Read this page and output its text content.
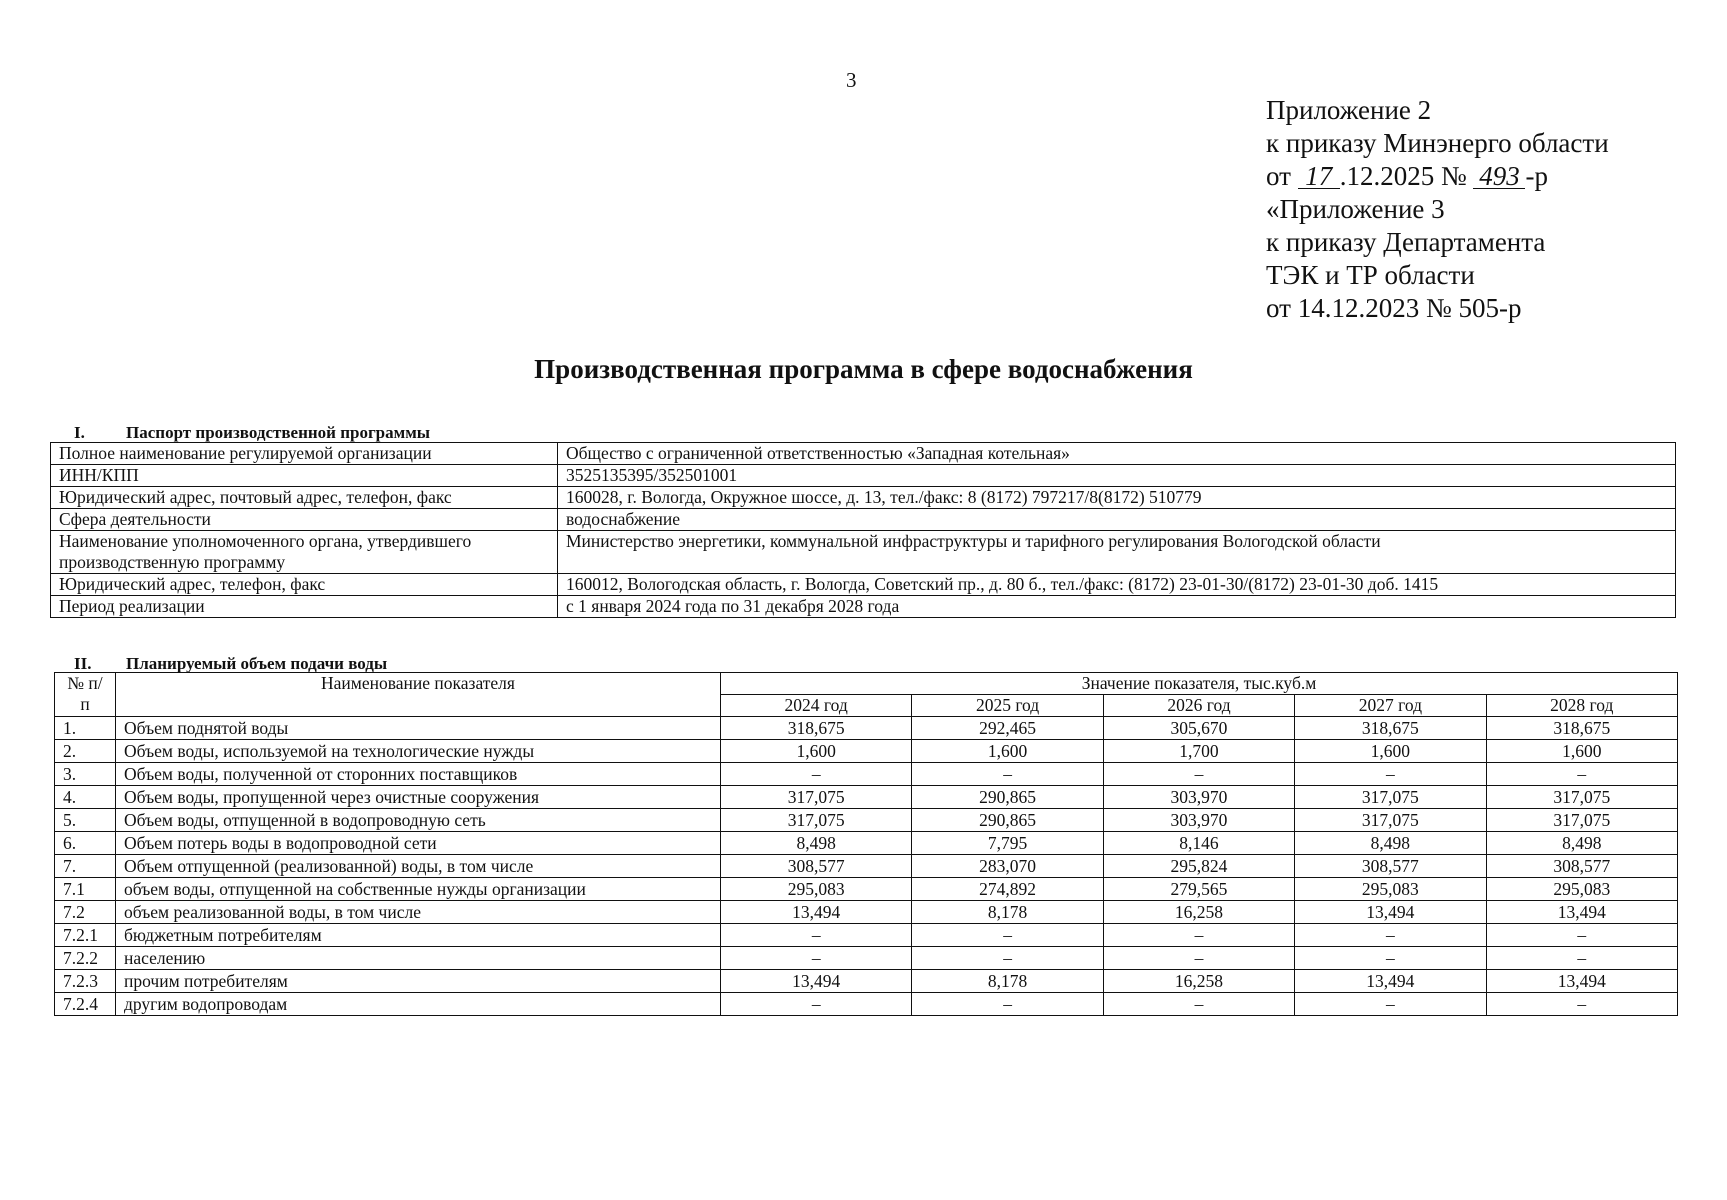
3
Приложение 2
к приказу Минэнерго области
от 17 .12.2025 № 493 -р
«Приложение 3
к приказу Департамента
ТЭК и ТР области
от 14.12.2023 № 505-р
Производственная программа в сфере водоснабжения
I. Паспорт производственной программы
Полное наименование регулируемой организации	Общество с ограниченной ответственностью «Западная котельная»
ИНН/КПП	3525135395/352501001
Юридический адрес, почтовый адрес, телефон, факс	160028, г. Вологда, Окружное шоссе, д. 13, тел./факс: 8 (8172) 797217/8(8172) 510779
Сфера деятельности	водоснабжение
Наименование уполномоченного органа, утвердившего производственную программу	Министерство энергетики, коммунальной инфраструктуры и тарифного регулирования Вологодской области
Юридический адрес, телефон, факс	160012, Вологодская область, г. Вологда, Советский пр., д. 80 б., тел./факс: (8172) 23-01-30/(8172) 23-01-30 доб. 1415
Период реализации	с 1 января 2024 года по 31 декабря 2028 года
II. Планируемый объем подачи воды
№ п/п	Наименование показателя	Значение показателя, тыс.куб.м				
		2024 год	2025 год	2026 год	2027 год	2028 год
1.	Объем поднятой воды	318,675	292,465	305,670	318,675	318,675
2.	Объем воды, используемой на технологические нужды	1,600	1,600	1,700	1,600	1,600
3.	Объем воды, полученной от сторонних поставщиков	–	–	–	–	–
4.	Объем воды, пропущенной через очистные сооружения	317,075	290,865	303,970	317,075	317,075
5.	Объем воды, отпущенной в водопроводную сеть	317,075	290,865	303,970	317,075	317,075
6.	Объем потерь воды в водопроводной сети	8,498	7,795	8,146	8,498	8,498
7.	Объем отпущенной (реализованной) воды, в том числе	308,577	283,070	295,824	308,577	308,577
7.1	объем воды, отпущенной на собственные нужды организации	295,083	274,892	279,565	295,083	295,083
7.2	объем реализованной воды, в том числе	13,494	8,178	16,258	13,494	13,494
7.2.1	бюджетным потребителям	–	–	–	–	–
7.2.2	населению	–	–	–	–	–
7.2.3	прочим потребителям	13,494	8,178	16,258	13,494	13,494
7.2.4	другим водопроводам	–	–	–	–	–
